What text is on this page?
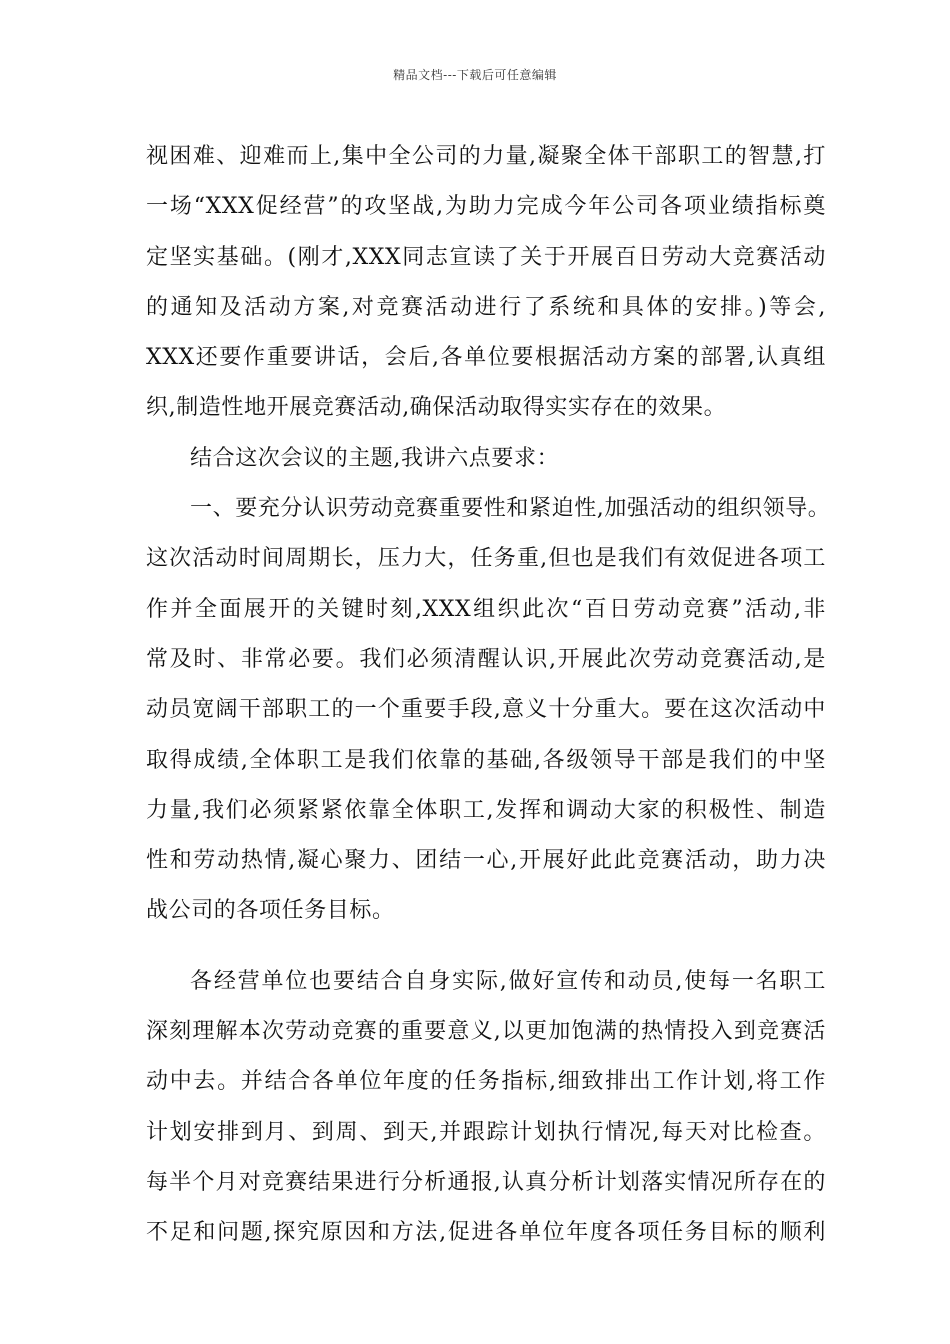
精品文档---下载后可任意编辑
视困难、迎难而上,集中全公司的力量,凝聚全体干部职工的智慧,打
一场“XXX促经营”的攻坚战,为助力完成今年公司各项业绩指标奠
定坚实基础。(刚才,XXX同志宣读了关于开展百日劳动大竞赛活动
的通知及活动方案,对竞赛活动进行了系统和具体的安排。)等会,
XXX还要作重要讲话，会后,各单位要根据活动方案的部署,认真组
织,制造性地开展竞赛活动,确保活动取得实实存在的效果。
结合这次会议的主题,我讲六点要求：
一、要充分认识劳动竞赛重要性和紧迫性,加强活动的组织领导。
这次活动时间周期长，压力大，任务重,但也是我们有效促进各项工
作并全面展开的关键时刻,XXX组织此次“百日劳动竞赛”活动,非
常及时、非常必要。我们必须清醒认识,开展此次劳动竞赛活动,是
动员宽阔干部职工的一个重要手段,意义十分重大。要在这次活动中
取得成绩,全体职工是我们依靠的基础,各级领导干部是我们的中坚
力量,我们必须紧紧依靠全体职工,发挥和调动大家的积极性、制造
性和劳动热情,凝心聚力、团结一心,开展好此此竞赛活动，助力决
战公司的各项任务目标。
各经营单位也要结合自身实际,做好宣传和动员,使每一名职工
深刻理解本次劳动竞赛的重要意义,以更加饱满的热情投入到竞赛活
动中去。并结合各单位年度的任务指标,细致排出工作计划,将工作
计划安排到月、到周、到天,并跟踪计划执行情况,每天对比检查。
每半个月对竞赛结果进行分析通报,认真分析计划落实情况所存在的
不足和问题,探究原因和方法,促进各单位年度各项任务目标的顺利
